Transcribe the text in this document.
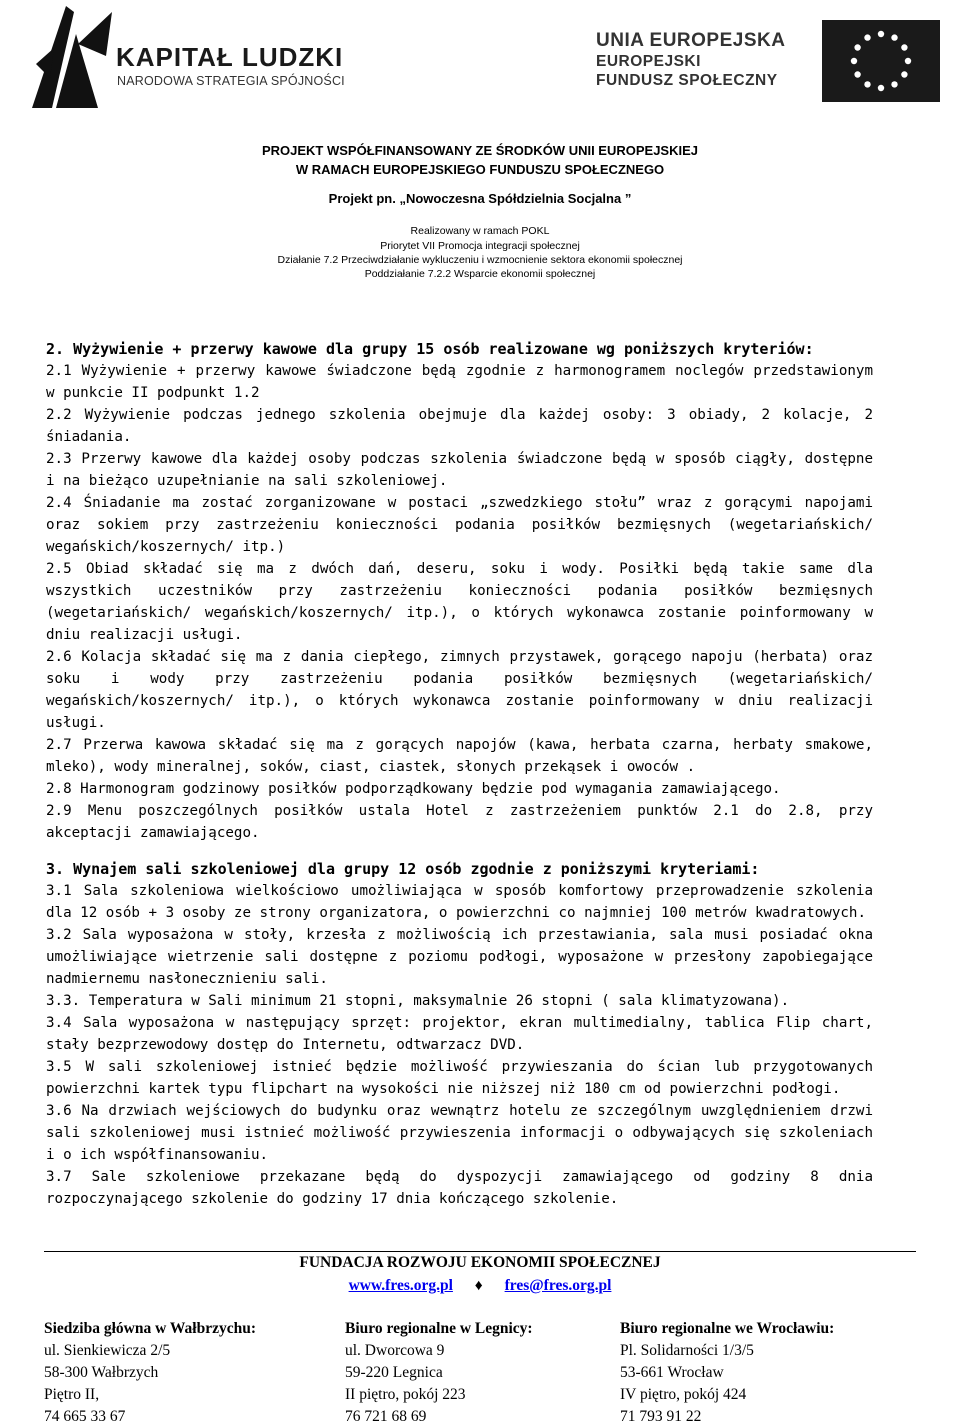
KAPITAŁ LUDZKI
NARODOWA STRATEGIA SPÓJNOŚCI
UNIA EUROPEJSKA
EUROPEJSKI
FUNDUSZ SPOŁECZNY
PROJEKT WSPÓŁFINANSOWANY ZE ŚRODKÓW UNII EUROPEJSKIEJ
W RAMACH EUROPEJSKIEGO FUNDUSZU SPOŁECZNEGO
Projekt pn. „Nowoczesna Spółdzielnia Socjalna ”
Realizowany w ramach POKL
Priorytet VII Promocja integracji społecznej
Działanie 7.2 Przeciwdziałanie wykluczeniu i wzmocnienie sektora ekonomii społecznej
Poddziałanie 7.2.2 Wsparcie ekonomii społecznej

2. Wyżywienie + przerwy kawowe dla grupy 15 osób realizowane wg poniższych kryteriów:

2.1 Wyżywienie + przerwy kawowe świadczone będą zgodnie z harmonogramem noclegów przedstawionym w punkcie II podpunkt 1.2

2.2 Wyżywienie podczas jednego szkolenia obejmuje dla każdej osoby: 3 obiady, 2 kolacje, 2 śniadania.

2.3 Przerwy kawowe dla każdej osoby podczas szkolenia świadczone będą w sposób ciągły, dostępne i na bieżąco uzupełnianie na sali szkoleniowej.

2.4 Śniadanie ma zostać zorganizowane w postaci „szwedzkiego stołu” wraz z gorącymi napojami oraz sokiem przy zastrzeżeniu konieczności podania posiłków bezmięsnych (wegetariańskich/ wegańskich/koszernych/ itp.)

2.5 Obiad składać się ma z dwóch dań, deseru, soku i wody. Posiłki będą takie same dla wszystkich uczestników przy zastrzeżeniu konieczności podania posiłków bezmięsnych (wegetariańskich/ wegańskich/koszernych/ itp.), o których wykonawca zostanie poinformowany w dniu realizacji usługi.

2.6 Kolacja składać się ma z dania ciepłego, zimnych przystawek, gorącego napoju (herbata) oraz soku i wody przy zastrzeżeniu podania posiłków bezmięsnych (wegetariańskich/ wegańskich/koszernych/ itp.), o których wykonawca zostanie poinformowany w dniu realizacji usługi.

2.7 Przerwa kawowa składać się ma z gorących napojów (kawa, herbata czarna, herbaty smakowe, mleko), wody mineralnej, soków, ciast, ciastek, słonych przekąsek i owoców .

2.8 Harmonogram godzinowy posiłków podporządkowany będzie pod wymagania zamawiającego.

2.9 Menu poszczególnych posiłków ustala Hotel z zastrzeżeniem punktów 2.1 do 2.8, przy akceptacji zamawiającego.

3. Wynajem sali szkoleniowej dla grupy 12 osób zgodnie z poniższymi kryteriami:

3.1 Sala szkoleniowa wielkościowo umożliwiająca w sposób komfortowy przeprowadzenie szkolenia dla 12 osób + 3 osoby ze strony organizatora, o powierzchni co najmniej 100 metrów kwadratowych.

3.2 Sala wyposażona w stoły, krzesła z możliwością ich przestawiania, sala musi posiadać okna umożliwiające wietrzenie sali dostępne z poziomu podłogi, wyposażone w przesłony zapobiegające nadmiernemu nasłonecznieniu sali.

3.3. Temperatura w Sali minimum 21 stopni, maksymalnie 26 stopni ( sala klimatyzowana).

3.4 Sala wyposażona w następujący sprzęt: projektor, ekran multimedialny, tablica Flip chart, stały bezprzewodowy dostęp do Internetu, odtwarzacz DVD.

3.5 W sali szkoleniowej istnieć będzie możliwość przywieszania do ścian lub przygotowanych powierzchni kartek typu flipchart na wysokości nie niższej niż 180 cm od powierzchni podłogi.

3.6 Na drzwiach wejściowych do budynku oraz wewnątrz hotelu ze szczególnym uwzględnieniem drzwi sali szkoleniowej musi istnieć możliwość przywieszenia informacji o odbywających się szkoleniach i o ich współfinansowaniu.

3.7 Sale szkoleniowe przekazane będą do dyspozycji zamawiającego od godziny 8 dnia rozpoczynającego szkolenie do godziny 17 dnia kończącego szkolenie.

FUNDACJA ROZWOJU EKONOMII SPOŁECZNEJ
www.fres.org.pl ♦ fres@fres.org.pl
Siedziba główna w Wałbrzychu:
ul. Sienkiewicza 2/5
58-300 Wałbrzych
Piętro II,
74 665 33 67
Biuro regionalne w Legnicy:
ul. Dworcowa 9
59-220 Legnica
II piętro, pokój 223
76 721 68 69
Biuro regionalne we Wrocławiu:
Pl. Solidarności 1/3/5
53-661 Wrocław
IV piętro, pokój 424
71 793 91 22
